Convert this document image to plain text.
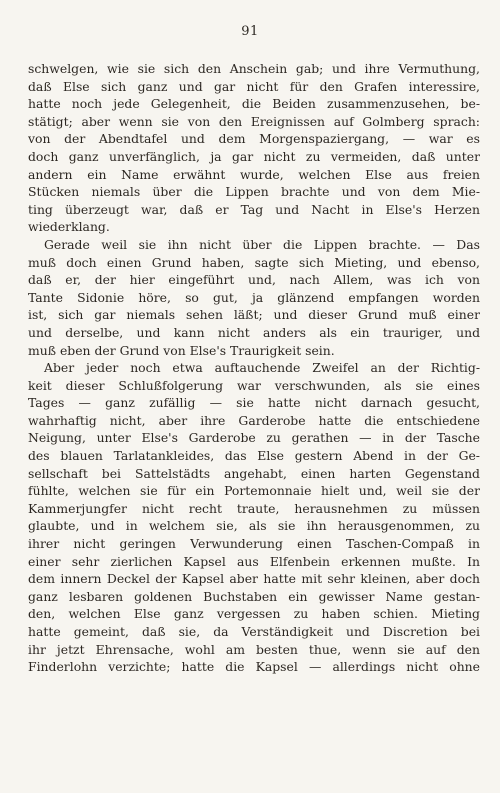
91
schwelgen, wie sie sich den Anschein gab; und ihre Vermuthung,
daß Else sich ganz und gar nicht für den Grafen interessire,
hatte noch jede Gelegenheit, die Beiden zusammenzusehen, be-
stätigt; aber wenn sie von den Ereignissen auf Golmberg sprach:
von der Abendtafel und dem Morgenspaziergang, — war es
doch ganz unverfänglich, ja gar nicht zu vermeiden, daß unter
andern ein Name erwähnt wurde, welchen Else aus freien
Stücken niemals über die Lippen brachte und von dem Mie-
ting überzeugt war, daß er Tag und Nacht in Else's Herzen
wiederklang.
Gerade weil sie ihn nicht über die Lippen brachte. — Das
muß doch einen Grund haben, sagte sich Mieting, und ebenso,
daß er, der hier eingeführt und, nach Allem, was ich von
Tante Sidonie höre, so gut, ja glänzend empfangen worden
ist, sich gar niemals sehen läßt; und dieser Grund muß einer
und derselbe, und kann nicht anders als ein trauriger, und
muß eben der Grund von Else's Traurigkeit sein.
Aber jeder noch etwa auftauchende Zweifel an der Richtig-
keit dieser Schlußfolgerung war verschwunden, als sie eines
Tages — ganz zufällig — sie hatte nicht darnach gesucht,
wahrhaftig nicht, aber ihre Garderobe hatte die entschiedene
Neigung, unter Else's Garderobe zu gerathen — in der Tasche
des blauen Tarlatankleides, das Else gestern Abend in der Ge-
sellschaft bei Sattelstädts angehabt, einen harten Gegenstand
fühlte, welchen sie für ein Portemonnaie hielt und, weil sie der
Kammerjungfer nicht recht traute, herausnehmen zu müssen
glaubte, und in welchem sie, als sie ihn herausgenommen, zu
ihrer nicht geringen Verwunderung einen Taschen-Compaß in
einer sehr zierlichen Kapsel aus Elfenbein erkennen mußte. In
dem innern Deckel der Kapsel aber hatte mit sehr kleinen, aber doch
ganz lesbaren goldenen Buchstaben ein gewisser Name gestan-
den, welchen Else ganz vergessen zu haben schien. Mieting
hatte gemeint, daß sie, da Verständigkeit und Discretion bei
ihr jetzt Ehrensache, wohl am besten thue, wenn sie auf den
Finderlohn verzichte; hatte die Kapsel — allerdings nicht ohne
